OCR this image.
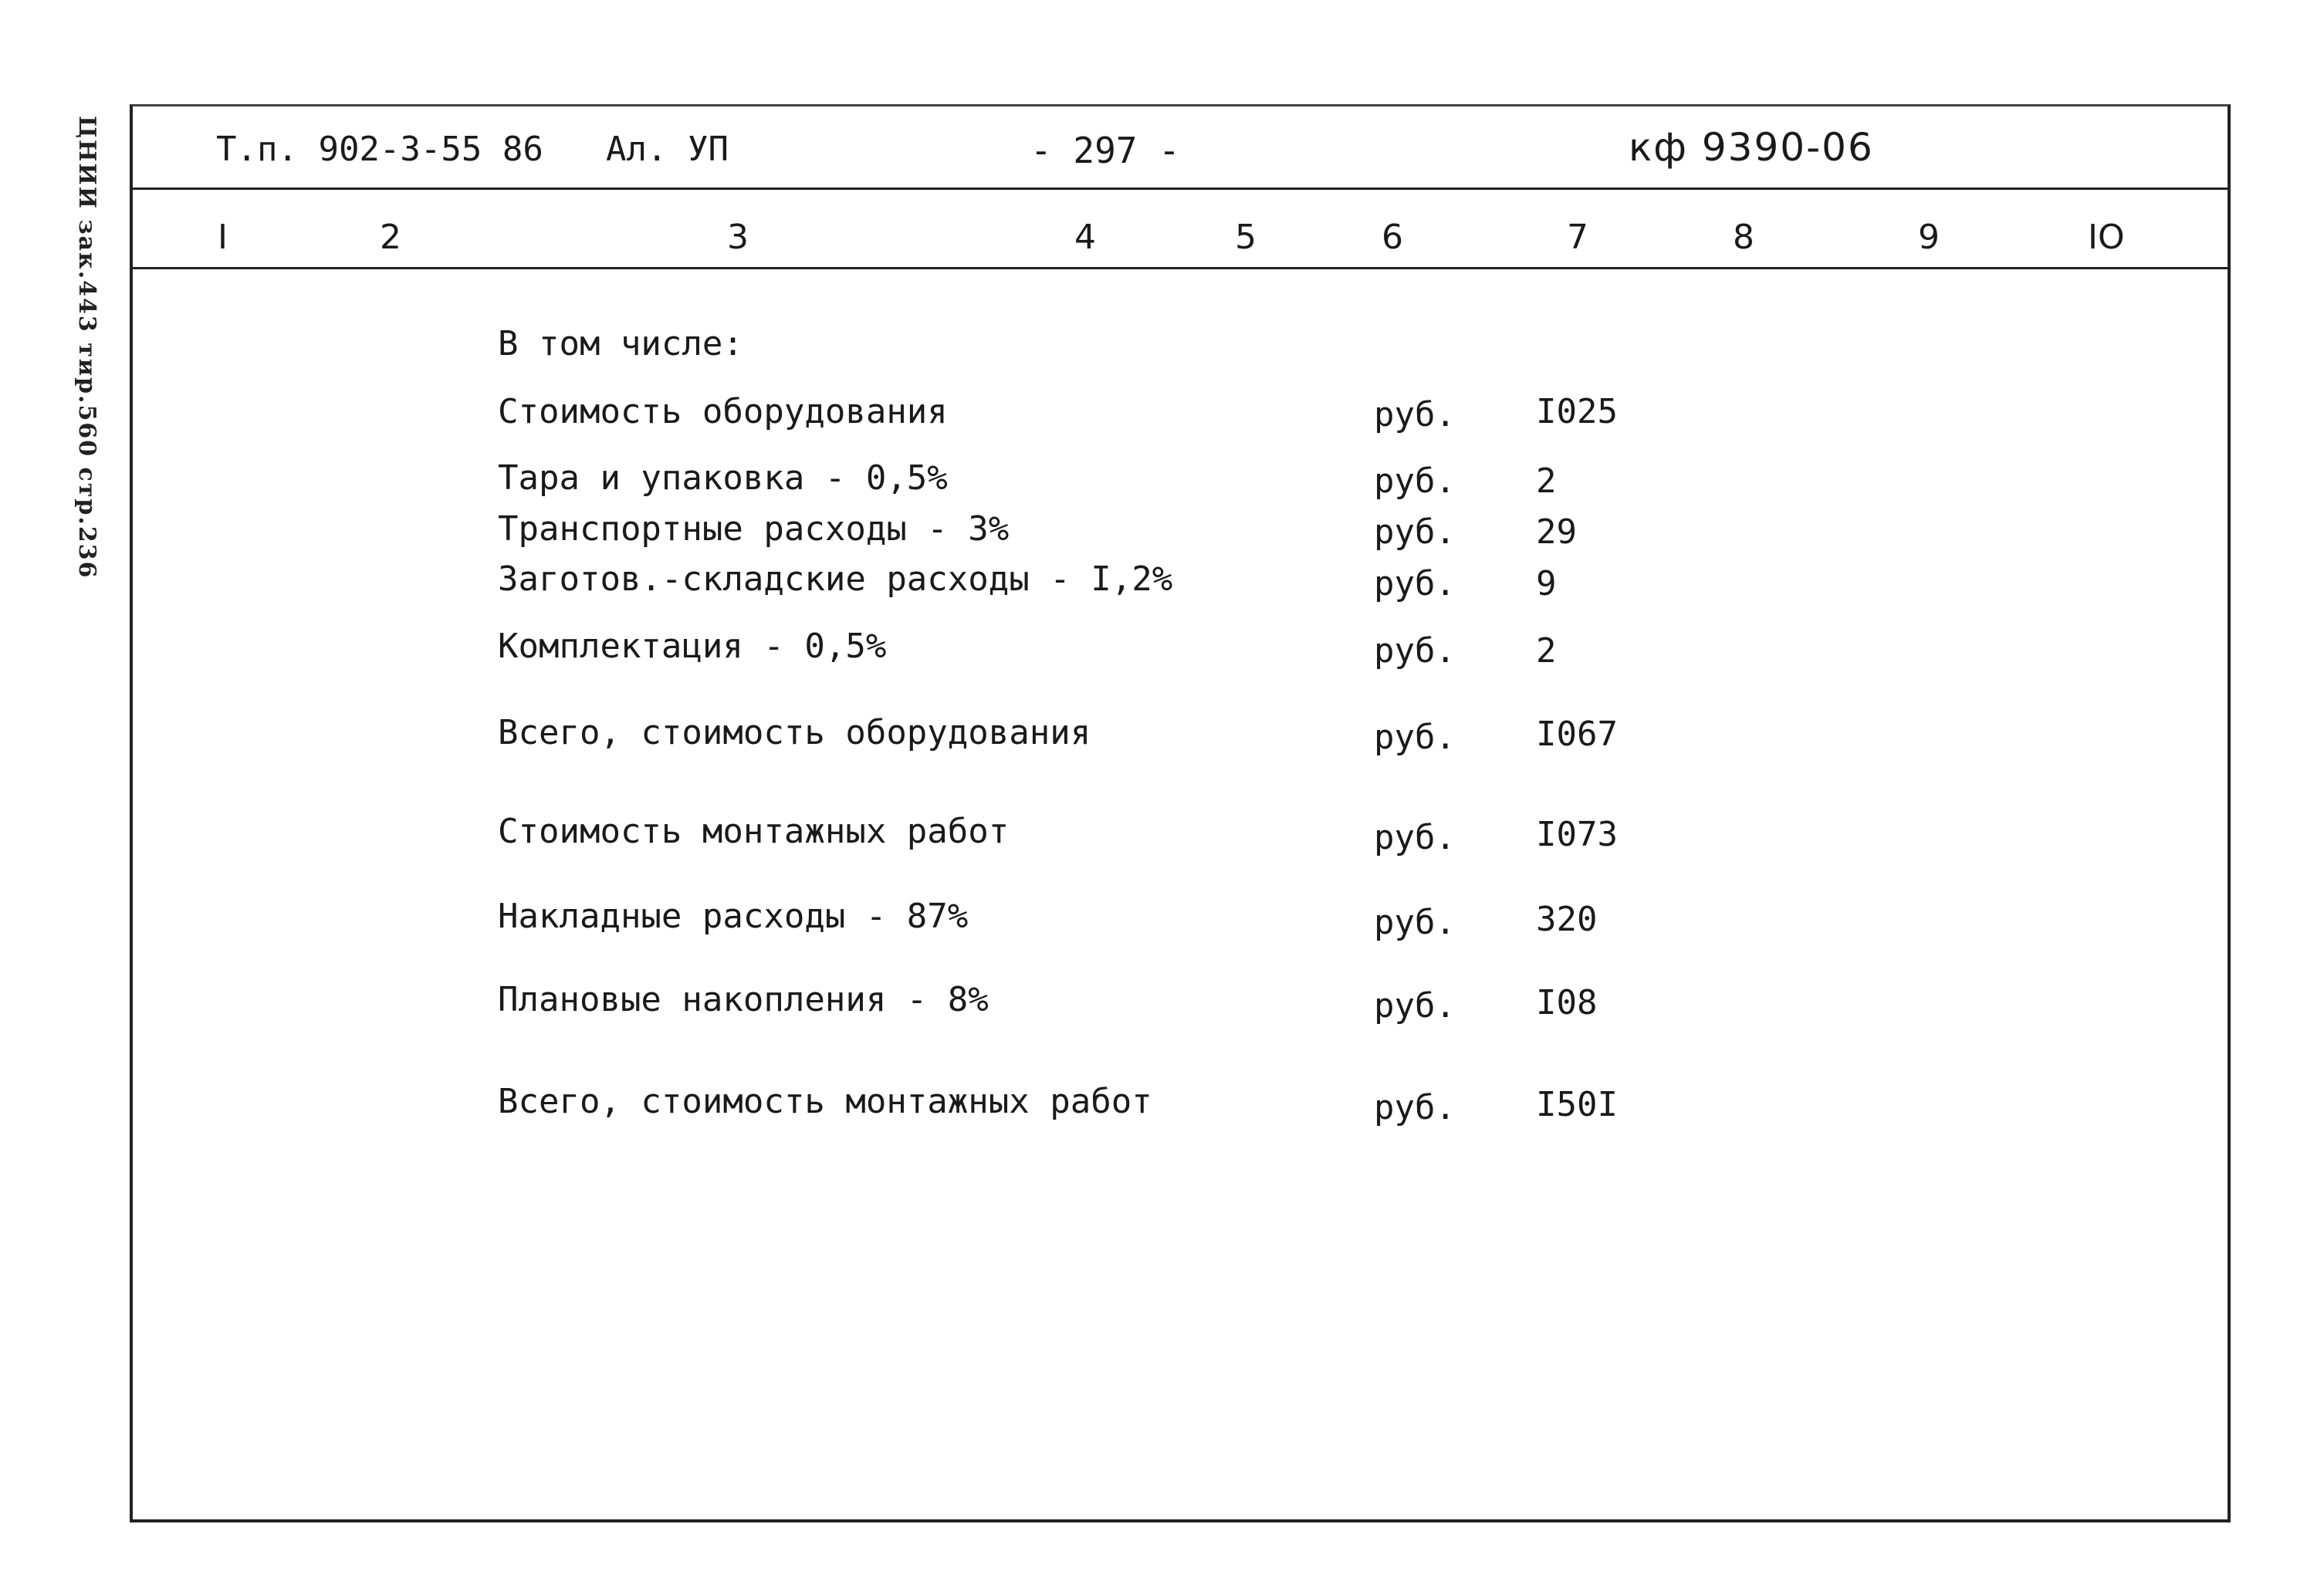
ЦНИИ зак.443 тир.560 стр.236	Т.п. 902-3-55 86 Ал. УП	- 297 -	кф 9390-06
I	2	3	4	5	6	7	8	9	IO
В том числе:
Стоимость оборудования	руб. I025
Тара и упаковка - 0,5%	руб. 2
Транспортные расходы - 3%	руб. 29
Заготов.-складские расходы - I,2%	руб. 9
Комплектация - 0,5%	руб. 2
Всего, стоимость оборудования	руб. I067
Стоимость монтажных работ	руб. I073
Накладные расходы - 87%	руб. 320
Плановые накопления - 8%	руб. I08
Всего, стоимость монтажных работ	руб. I50I
